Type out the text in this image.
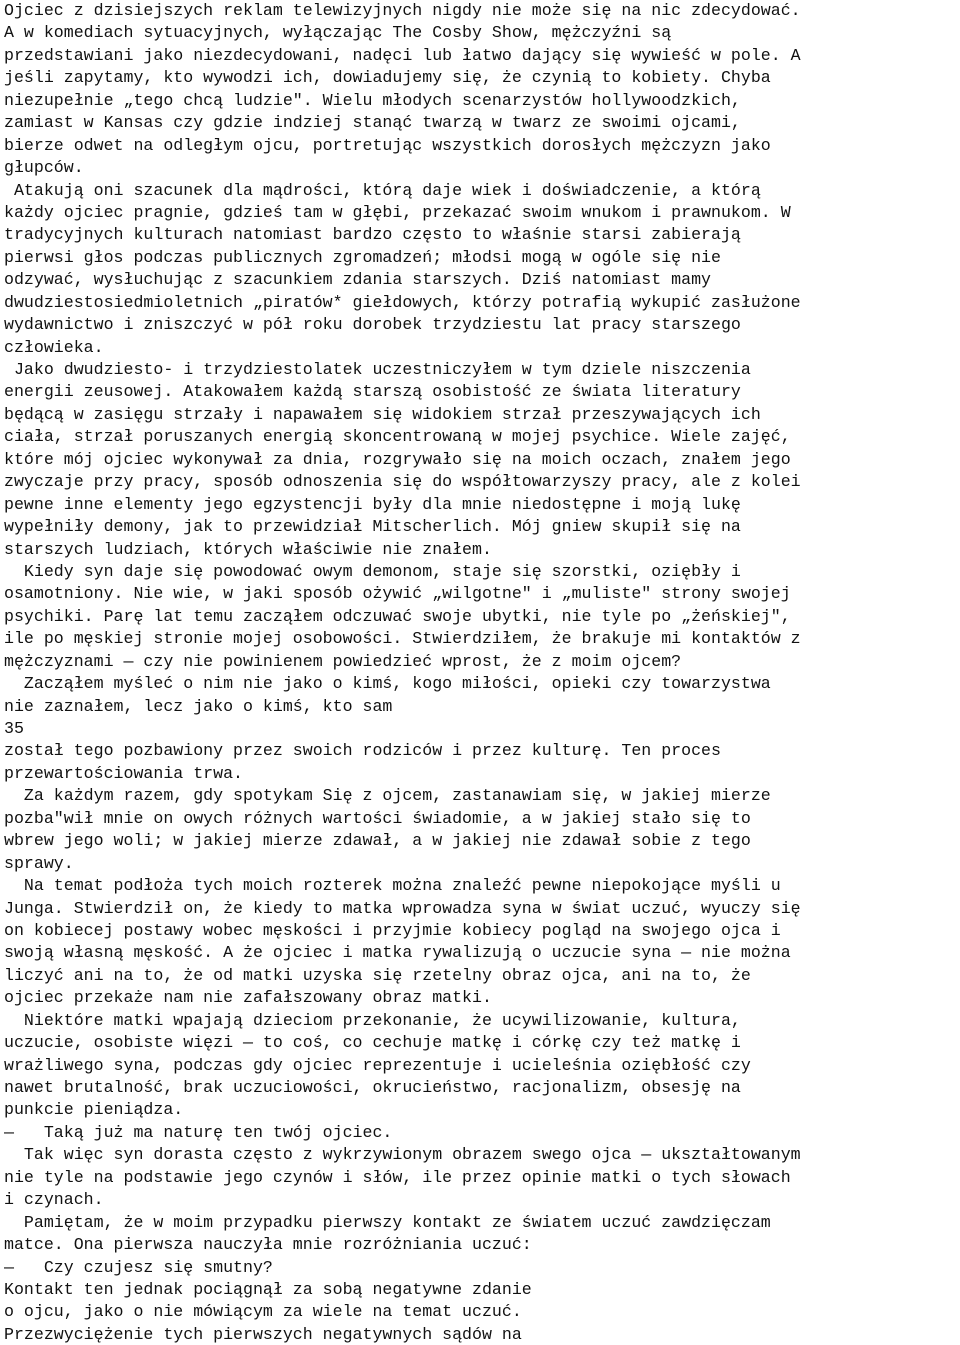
Ojciec z dzisiejszych reklam telewizyjnych nigdy nie może się na nic zdecydować.
A w komediach sytuacyjnych, wyłączając The Cosby Show, mężczyźni są
przedstawiani jako niezdecydowani, nadęci lub łatwo dający się wywieść w pole. A
jeśli zapytamy, kto wywodzi ich, dowiadujemy się, że czynią to kobiety. Chyba
niezupełnie „tego chcą ludzie". Wielu młodych scenarzystów hollywoodzkich,
zamiast w Kansas czy gdzie indziej stanąć twarzą w twarz ze swoimi ojcami,
bierze odwet na odległym ojcu, portretując wszystkich dorosłych mężczyzn jako
głupców.
Atakują oni szacunek dla mądrości, którą daje wiek i doświadczenie, a którą
każdy ojciec pragnie, gdzieś tam w głębi, przekazać swoim wnukom i prawnukom. W
tradycyjnych kulturach natomiast bardzo często to właśnie starsi zabierają
pierwsi głos podczas publicznych zgromadzeń; młodsi mogą w ogóle się nie
odzywać, wysłuchując z szacunkiem zdania starszych. Dziś natomiast mamy
dwudziestosiedmioletnich „piratów* giełdowych, którzy potrafią wykupić zasłużone
wydawnictwo i zniszczyć w pół roku dorobek trzydziestu lat pracy starszego
człowieka.
Jako dwudziesto- i trzydziestolatek uczestniczyłem w tym dziele niszczenia
energii zeusowej. Atakowałem każdą starszą osobistość ze świata literatury
będącą w zasięgu strzały i napawałem się widokiem strzał przeszywających ich
ciała, strzał poruszanych energią skoncentrowaną w mojej psychice. Wiele zajęć,
które mój ojciec wykonywał za dnia, rozgrywało się na moich oczach, znałem jego
zwyczaje przy pracy, sposób odnoszenia się do współtowarzyszy pracy, ale z kolei
pewne inne elementy jego egzystencji były dla mnie niedostępne i moją lukę
wypełniły demony, jak to przewidział Mitscherlich. Mój gniew skupił się na
starszych ludziach, których właściwie nie znałem.
Kiedy syn daje się powodować owym demonom, staje się szorstki, oziębły i
osamotniony. Nie wie, w jaki sposób ożywić „wilgotne" i „muliste" strony swojej
psychiki. Parę lat temu zacząłem odczuwać swoje ubytki, nie tyle po „żeńskiej",
ile po męskiej stronie mojej osobowości. Stwierdziłem, że brakuje mi kontaktów z
mężczyznami — czy nie powinienem powiedzieć wprost, że z moim ojcem?
Zacząłem myśleć o nim nie jako o kimś, kogo miłości, opieki czy towarzystwa
nie zaznałem, lecz jako o kimś, kto sam
35
został tego pozbawiony przez swoich rodziców i przez kulturę. Ten proces
przewartościowania trwa.
Za każdym razem, gdy spotykam Się z ojcem, zastanawiam się, w jakiej mierze
pozba"wił mnie on owych różnych wartości świadomie, a w jakiej stało się to
wbrew jego woli; w jakiej mierze zdawał, a w jakiej nie zdawał sobie z tego
sprawy.
Na temat podłoża tych moich rozterek można znaleźć pewne niepokojące myśli u
Junga. Stwierdził on, że kiedy to matka wprowadza syna w świat uczuć, wyuczy się
on kobiecej postawy wobec męskości i przyjmie kobiecy pogląd na swojego ojca i
swoją własną męskość. A że ojciec i matka rywalizują o uczucie syna — nie można
liczyć ani na to, że od matki uzyska się rzetelny obraz ojca, ani na to, że
ojciec przekaże nam nie zafałszowany obraz matki.
Niektóre matki wpajają dzieciom przekonanie, że ucywilizowanie, kultura,
uczucie, osobiste więzi — to coś, co cechuje matkę i córkę czy też matkę i
wrażliwego syna, podczas gdy ojciec reprezentuje i ucieleśnia oziębłość czy
nawet brutalność, brak uczuciowości, okrucieństwo, racjonalizm, obsesję na
punkcie pieniądza.
—   Taką już ma naturę ten twój ojciec.
Tak więc syn dorasta często z wykrzywionym obrazem swego ojca — ukształtowanym
nie tyle na podstawie jego czynów i słów, ile przez opinie matki o tych słowach
i czynach.
Pamiętam, że w moim przypadku pierwszy kontakt ze światem uczuć zawdzięczam
matce. Ona pierwsza nauczyła mnie rozróżniania uczuć:
—   Czy czujesz się smutny?
Kontakt ten jednak pociągnął za sobą negatywne zdanie
o ojcu, jako o nie mówiącym za wiele na temat uczuć.
Przezwyciężenie tych pierwszych negatywnych sądów na
